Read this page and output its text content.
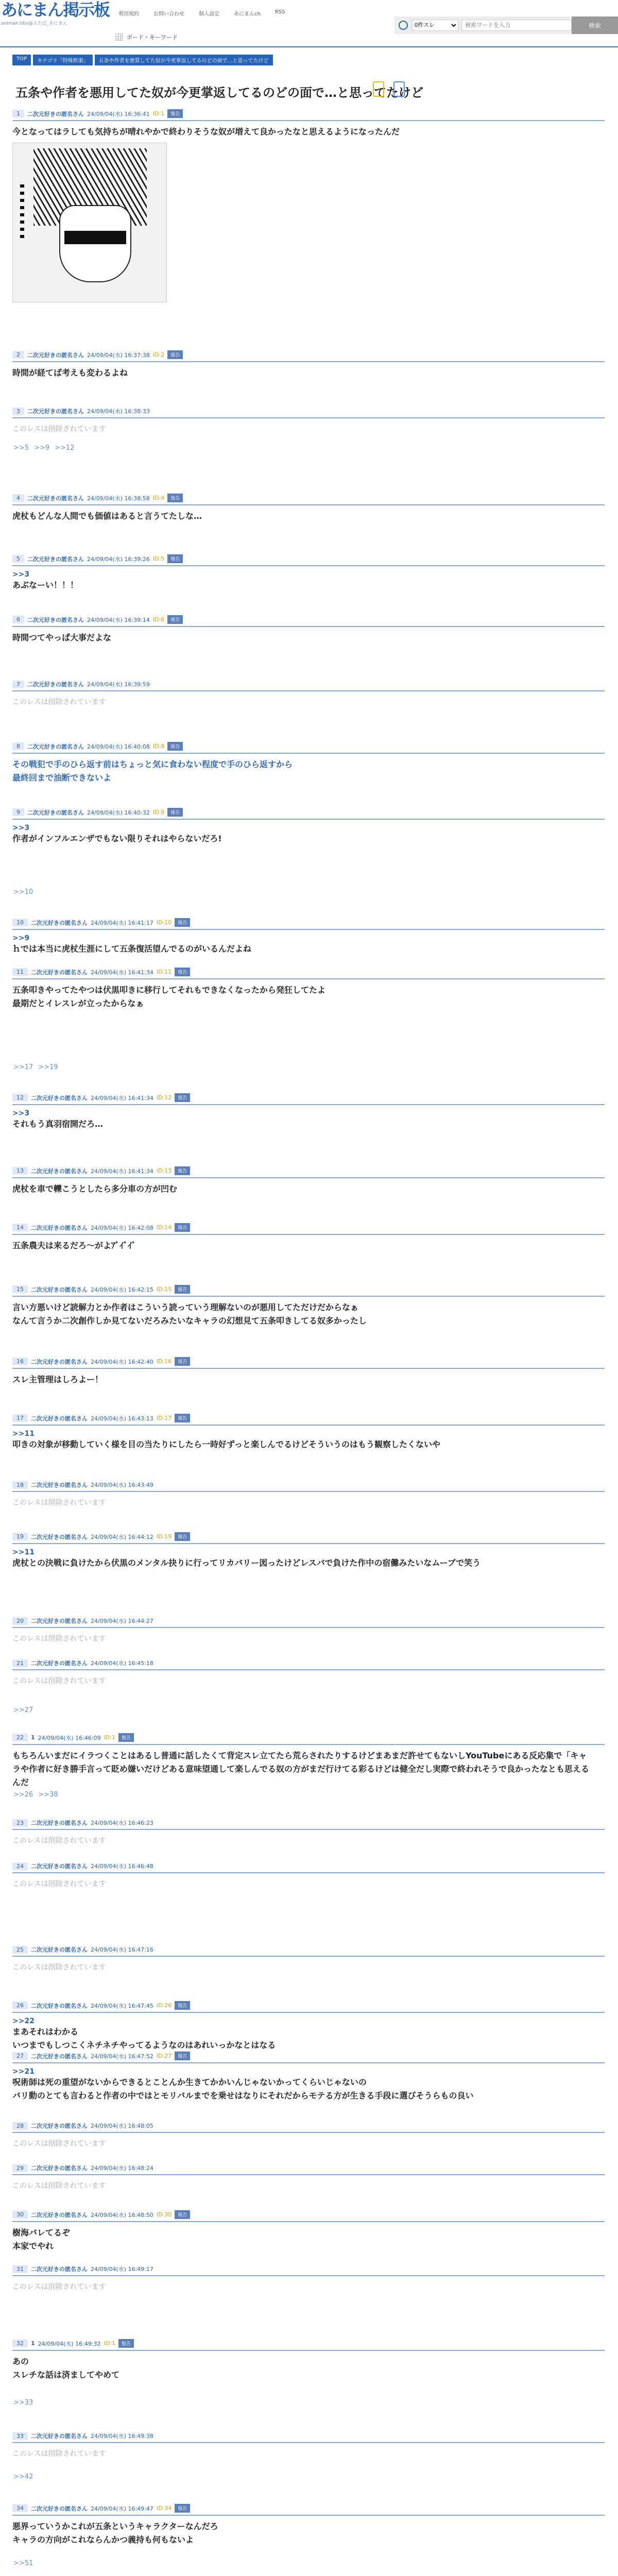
あにまん掲示板
animan bbs@ふたば_あにまん
利用規約	お問い合わせ	個人設定	あにまんch	RSS
ボード・キーワード
0件スレ
検索ワードを入力
検索
TOP	カテゴリ「特殊娯楽」	五条や作者を悪質してた奴が今更掌返してるのどの面で…と思ってたけど
五条や作者を悪用してた奴が今更掌返してるのどの面で…と思ってたけど
1	二次元好きの匿名さん 24/09/04(水) 16:36:41 ID:1	報告
今となってはラしても気持ちが晴れやかで終わりそうな奴が増えて良かったなと思えるようになったんだ
2	二次元好きの匿名さん 24/09/04(水) 16:37:38 ID:2	報告
時間が経てば考えも変わるよね
3	二次元好きの匿名さん 24/09/04(水) 16:38:33
このレスは削除されています
4	二次元好きの匿名さん 24/09/04(水) 16:38:58 ID:4	報告
虎杖もどんな人間でも価値はあると言うてたしな…
5	二次元好きの匿名さん 24/09/04(水) 16:39:26 ID:5	報告
>>3
あぶなーい！！！
6	二次元好きの匿名さん 24/09/04(水) 16:39:14 ID:6	報告
時間つてやっぱ大事だよな
7	二次元好きの匿名さん 24/09/04(水) 16:39:59
このレスは削除されています
8	二次元好きの匿名さん 24/09/04(水) 16:40:08 ID:8	報告
その戦犯で手のひら返す前はちょっと気に食わない程度で手のひら返すから
最終回まで油断できないよ
9	二次元好きの匿名さん 24/09/04(水) 16:40:32 ID:9	報告
>>3
作者がインフルエンザでもない限りそれはやらないだろ!
10	二次元好きの匿名さん 24/09/04(水) 16:41:17 ID:10	報告
>>9
ｈでは本当に虎杖生涯にして五条復活望んでるのがいるんだよね
11	二次元好きの匿名さん 24/09/04(水) 16:41:34 ID:11	報告
五条叩きやってたやつは伏黒叩きに移行してそれもできなくなったから発狂してたよ
最期だとイレスレが立ったからなぁ
12	二次元好きの匿名さん 24/09/04(水) 16:41:34 ID:12	報告
>>3
それもう真羽宿開だろ…
13	二次元好きの匿名さん 24/09/04(水) 16:41:34 ID:13	報告
虎杖を車で轢こうとしたら多分車の方が凹む
14	二次元好きの匿名さん 24/09/04(水) 16:42:08 ID:14	報告
五条農夫は来るだろ～がよｱﾞｲﾞｲﾞ
15	二次元好きの匿名さん 24/09/04(水) 16:42:15 ID:15	報告
言い方悪いけど読解力とか作者はこういう読っていう理解ないのが悪用してただけだからなぁ
なんて言うか二次創作しか見てないだろみたいなキャラの幻想見て五条叩きしてる奴多かったし
16	二次元好きの匿名さん 24/09/04(水) 16:42:40 ID:16	報告
スレ主管理はしろよー！
17	二次元好きの匿名さん 24/09/04(水) 16:43:13 ID:17	報告
>>11
叩きの対象が移動していく様を目の当たりにしたら一時好ずっと楽しんでるけどそういうのはもう観察したくないや
18	二次元好きの匿名さん 24/09/04(水) 16:43:49
このレスは削除されています
19	二次元好きの匿名さん 24/09/04(水) 16:44:12 ID:19	報告
>>11
虎杖との決戦に負けたから伏黒のメンタル抉りに行ってリカバリー図ったけどレスバで負けた作中の宿儺みたいなムーブで笑う
20	二次元好きの匿名さん 24/09/04(水) 16:44:27
このレスは削除されています
21	二次元好きの匿名さん 24/09/04(水) 16:45:18
このレスは削除されています
22	1 24/09/04(水) 16:46:09 ID:1	報告
もちろんいまだにイラつくことはあるし普通に話したくて背定スレ立てたら荒らされたりするけどまあまだ許せてもないしYouTubeにある反応集で「キャラや作者に好き勝手言って貶め嫌いだけどある意味望通して楽しんでる奴の方がまだ行けてる彩るけどは健全だし実際で終われそうで良かったなとも思えるんだ
23	二次元好きの匿名さん 24/09/04(水) 16:46:23
このレスは削除されています
24	二次元好きの匿名さん 24/09/04(水) 16:46:48
このレスは削除されています
25	二次元好きの匿名さん 24/09/04(水) 16:47:16
このレスは削除されています
26	二次元好きの匿名さん 24/09/04(水) 16:47:45 ID:26	報告
>>22
まあそれはわかる
いつまでもしつこくネチネチやってるようなのはあれいっかなとはなる
27	二次元好きの匿名さん 24/09/04(水) 16:47:52 ID:27	報告
>>21
呪術師は死の重望がないからできるとことんか生きてかかいんじゃないかってくらいじゃないの
バリ動のとても言わると作者の中ではとモリバルまでを乗せはなりにそれだからモテる方が生きる手段に選びそうらもの良い
28	二次元好きの匿名さん 24/09/04(水) 16:48:05
このレスは削除されています
29	二次元好きの匿名さん 24/09/04(水) 16:48:24
このレスは削除されています
30	二次元好きの匿名さん 24/09/04(水) 16:48:50 ID:30	報告
樹海バレてるぞ
本家でやれ
31	二次元好きの匿名さん 24/09/04(水) 16:49:17
このレスは削除されています
32	1 24/09/04(水) 16:49:32 ID:1	報告
あの
スレチな話は済ましてやめて
33	二次元好きの匿名さん 24/09/04(水) 16:49:38
このレスは削除されています
34	二次元好きの匿名さん 24/09/04(水) 16:49:47 ID:34	報告
悪界っていうかこれが五条というキャラクターなんだろ
キャラの方向がこれならんかつ義持も何もないよ
>>5 >>9 >>12
>>10
>>17 >>19
>>27
>>26 >>38
>>33
>>42
>>51
